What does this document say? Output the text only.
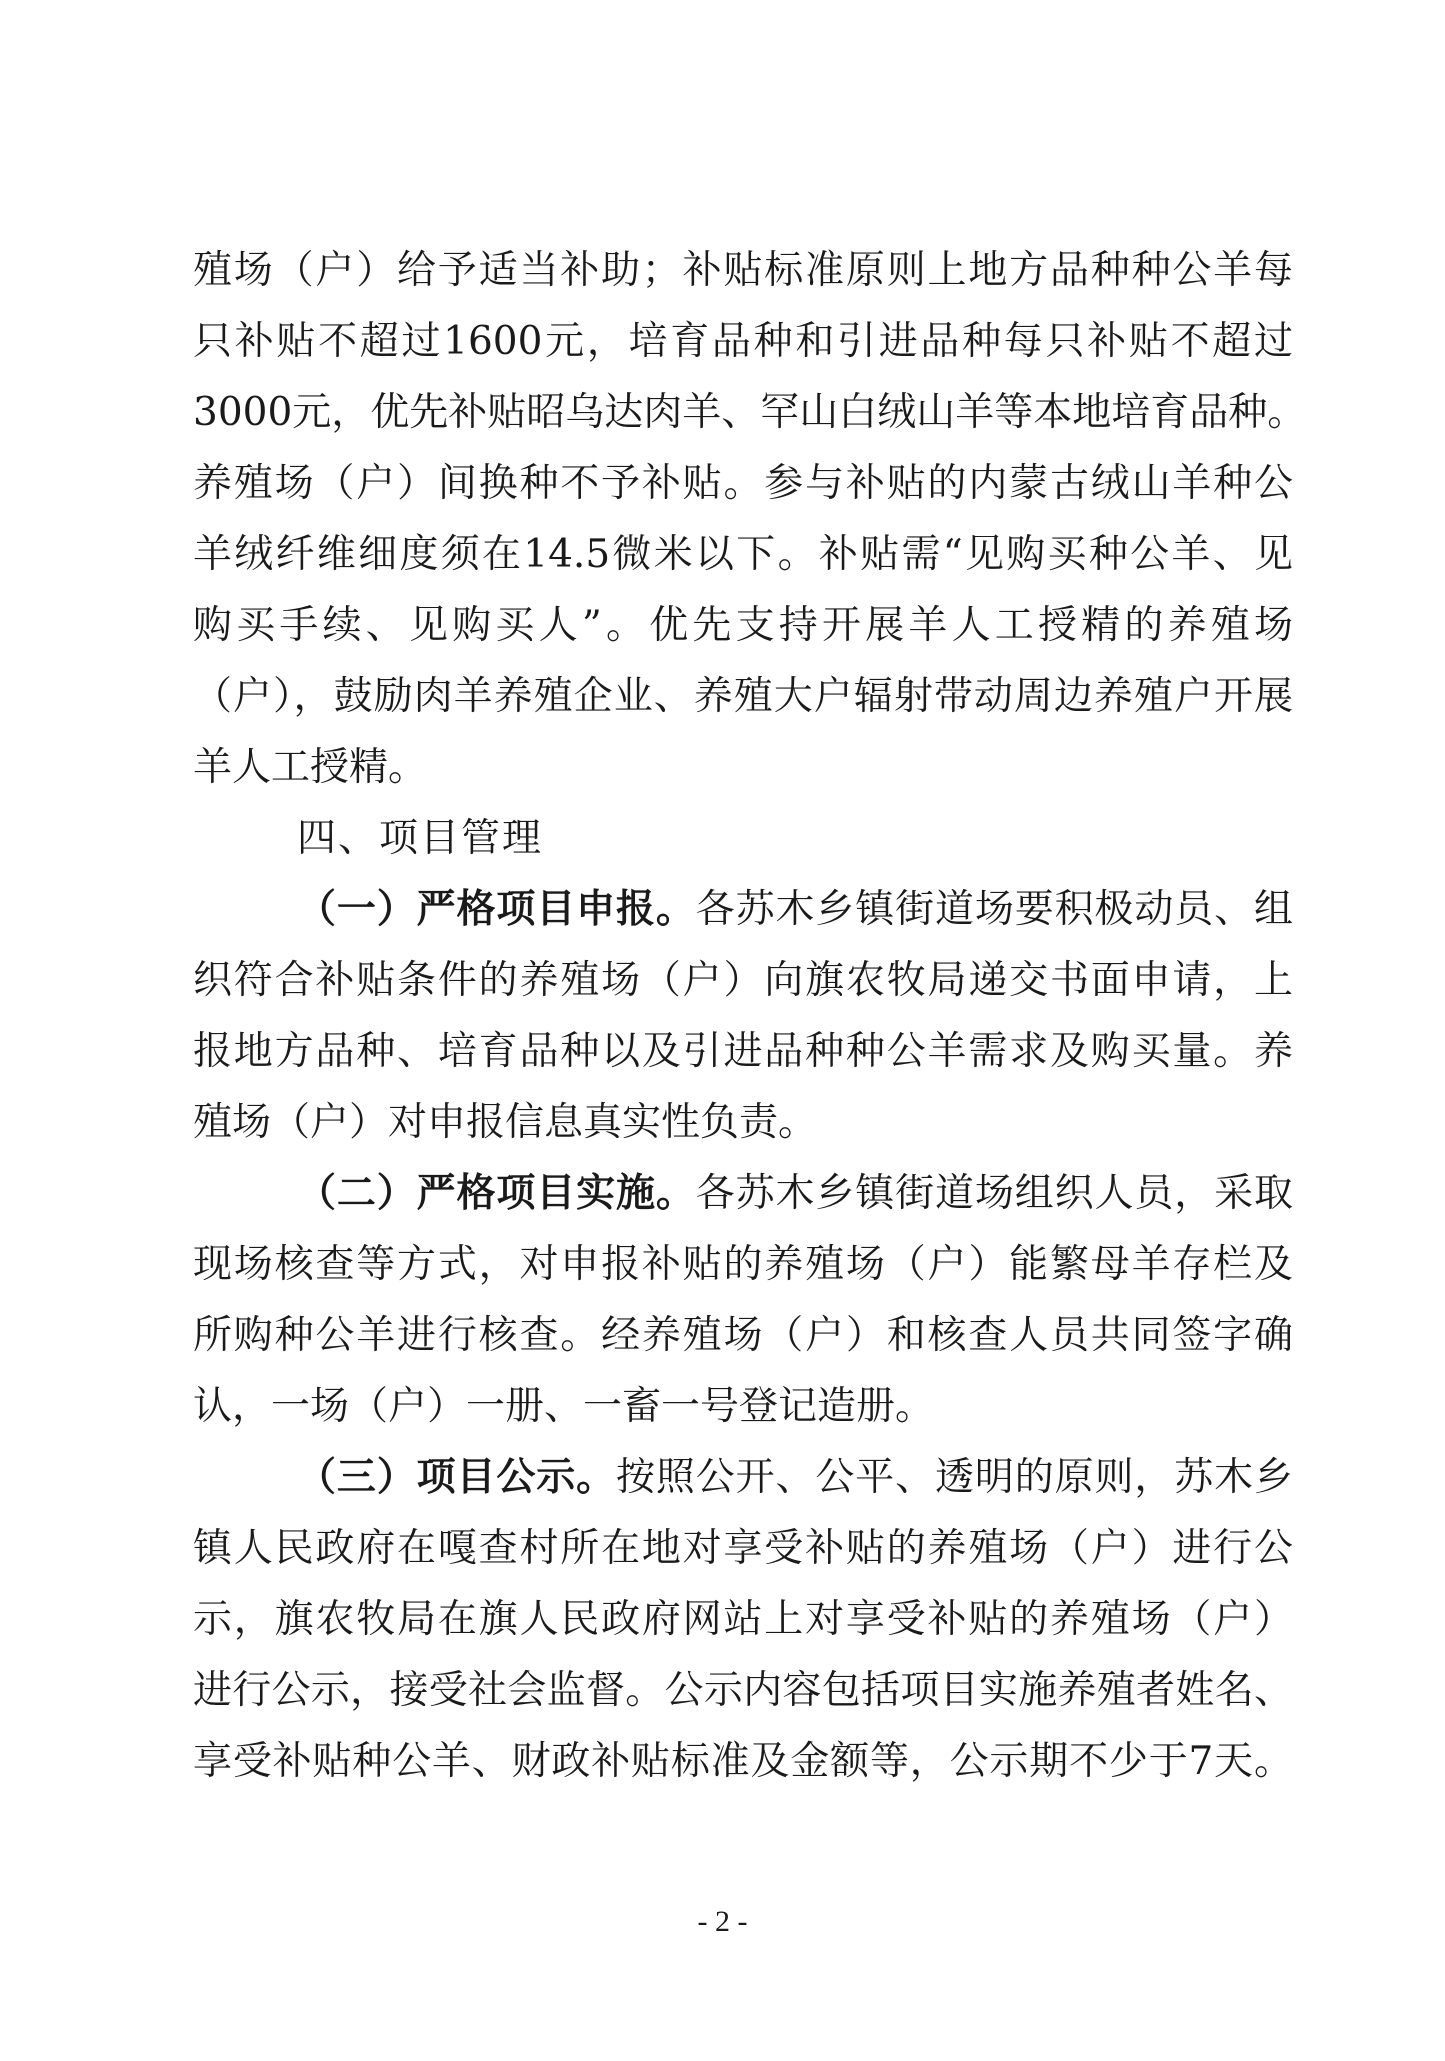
殖场（户）给予适当补助；补贴标准原则上地方品种种公羊每
只补贴不超过1600元，培育品种和引进品种每只补贴不超过
3000元，优先补贴昭乌达肉羊、罕山白绒山羊等本地培育品种。
养殖场（户）间换种不予补贴。参与补贴的内蒙古绒山羊种公
羊绒纤维细度须在14.5微米以下。补贴需“见购买种公羊、见
购买手续、见购买人”。优先支持开展羊人工授精的养殖场
（户），鼓励肉羊养殖企业、养殖大户辐射带动周边养殖户开展
羊人工授精。
四、项目管理
（一）严格项目申报。各苏木乡镇街道场要积极动员、组
织符合补贴条件的养殖场（户）向旗农牧局递交书面申请，上
报地方品种、培育品种以及引进品种种公羊需求及购买量。养
殖场（户）对申报信息真实性负责。
（二）严格项目实施。各苏木乡镇街道场组织人员，采取
现场核查等方式，对申报补贴的养殖场（户）能繁母羊存栏及
所购种公羊进行核查。经养殖场（户）和核查人员共同签字确
认，一场（户）一册、一畜一号登记造册。
（三）项目公示。按照公开、公平、透明的原则，苏木乡
镇人民政府在嘎查村所在地对享受补贴的养殖场（户）进行公
示，旗农牧局在旗人民政府网站上对享受补贴的养殖场（户）
进行公示，接受社会监督。公示内容包括项目实施养殖者姓名、
享受补贴种公羊、财政补贴标准及金额等，公示期不少于7天。
- 2 -
